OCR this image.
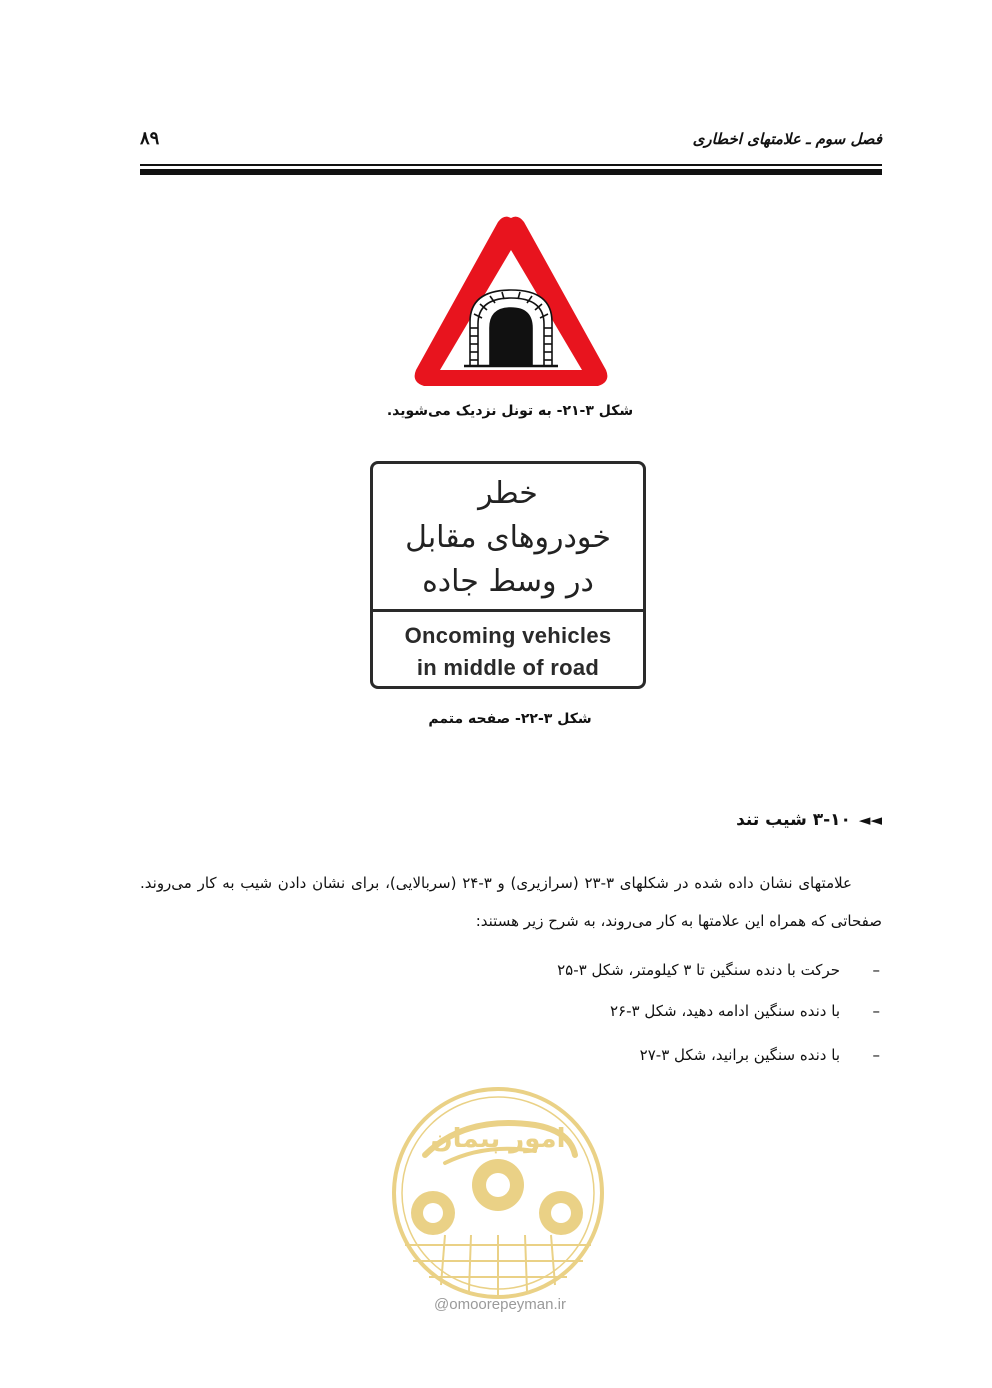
۸۹	فصل سوم ـ علامتهای اخطاری
شکل ۳-۲۱- به تونل نزدیک می‌شوید.
خطر
خودروهای مقابل
در وسط جاده
Oncoming vehicles
in middle of road
شکل ۳-۲۲- صفحه متمم
◄◄۳-۱۰ شیب تند
علامتهای نشان داده شده در شکلهای ۳-۲۳ (سرازیری) و ۳-۲۴ (سربالایی)، برای نشان دادن شیب به کار می‌روند. صفحاتی که همراه این علامتها به کار می‌روند، به شرح زیر هستند:
–حرکت با دنده سنگین تا ۳ کیلومتر، شکل ۳-۲۵
–با دنده سنگین ادامه دهید، شکل ۳-۲۶
–با دنده سنگین برانید، شکل ۳-۲۷
امور پیمان
@omoorepeyman.ir
